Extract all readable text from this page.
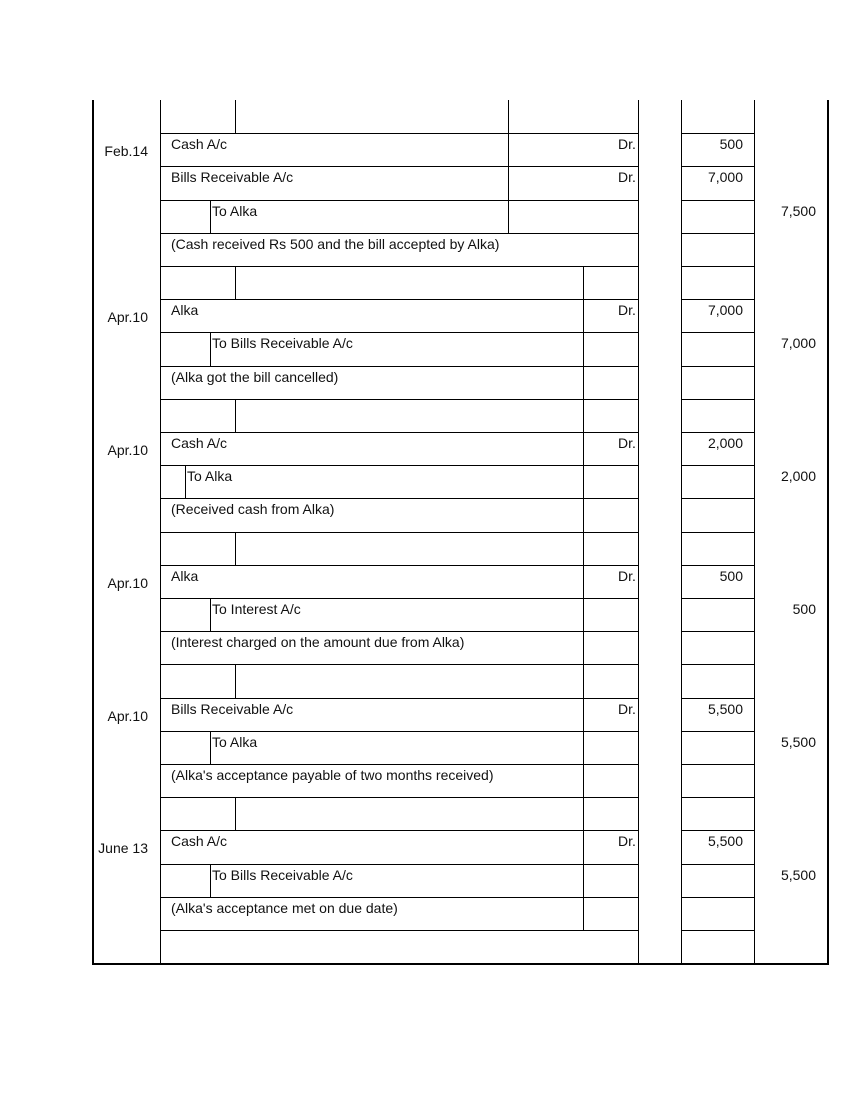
Feb.14 Cash A/c	Dr.	500
Bills Receivable A/c	Dr.	7,000
To Alka	7,500
(Cash received Rs 500 and the bill accepted by Alka)
Apr.10 Alka	Dr.	7,000
To Bills Receivable A/c	7,000
(Alka got the bill cancelled)
Apr.10 Cash A/c	Dr.	2,000
To Alka	2,000
(Received cash from Alka)
Apr.10 Alka	Dr.	500
To Interest A/c	500
(Interest charged on the amount due from Alka)
Apr.10 Bills Receivable A/c	Dr.	5,500
To Alka	5,500
(Alka's acceptance payable of two months received)
June 13 Cash A/c	Dr.	5,500
To Bills Receivable A/c	5,500
(Alka's acceptance met on due date)
